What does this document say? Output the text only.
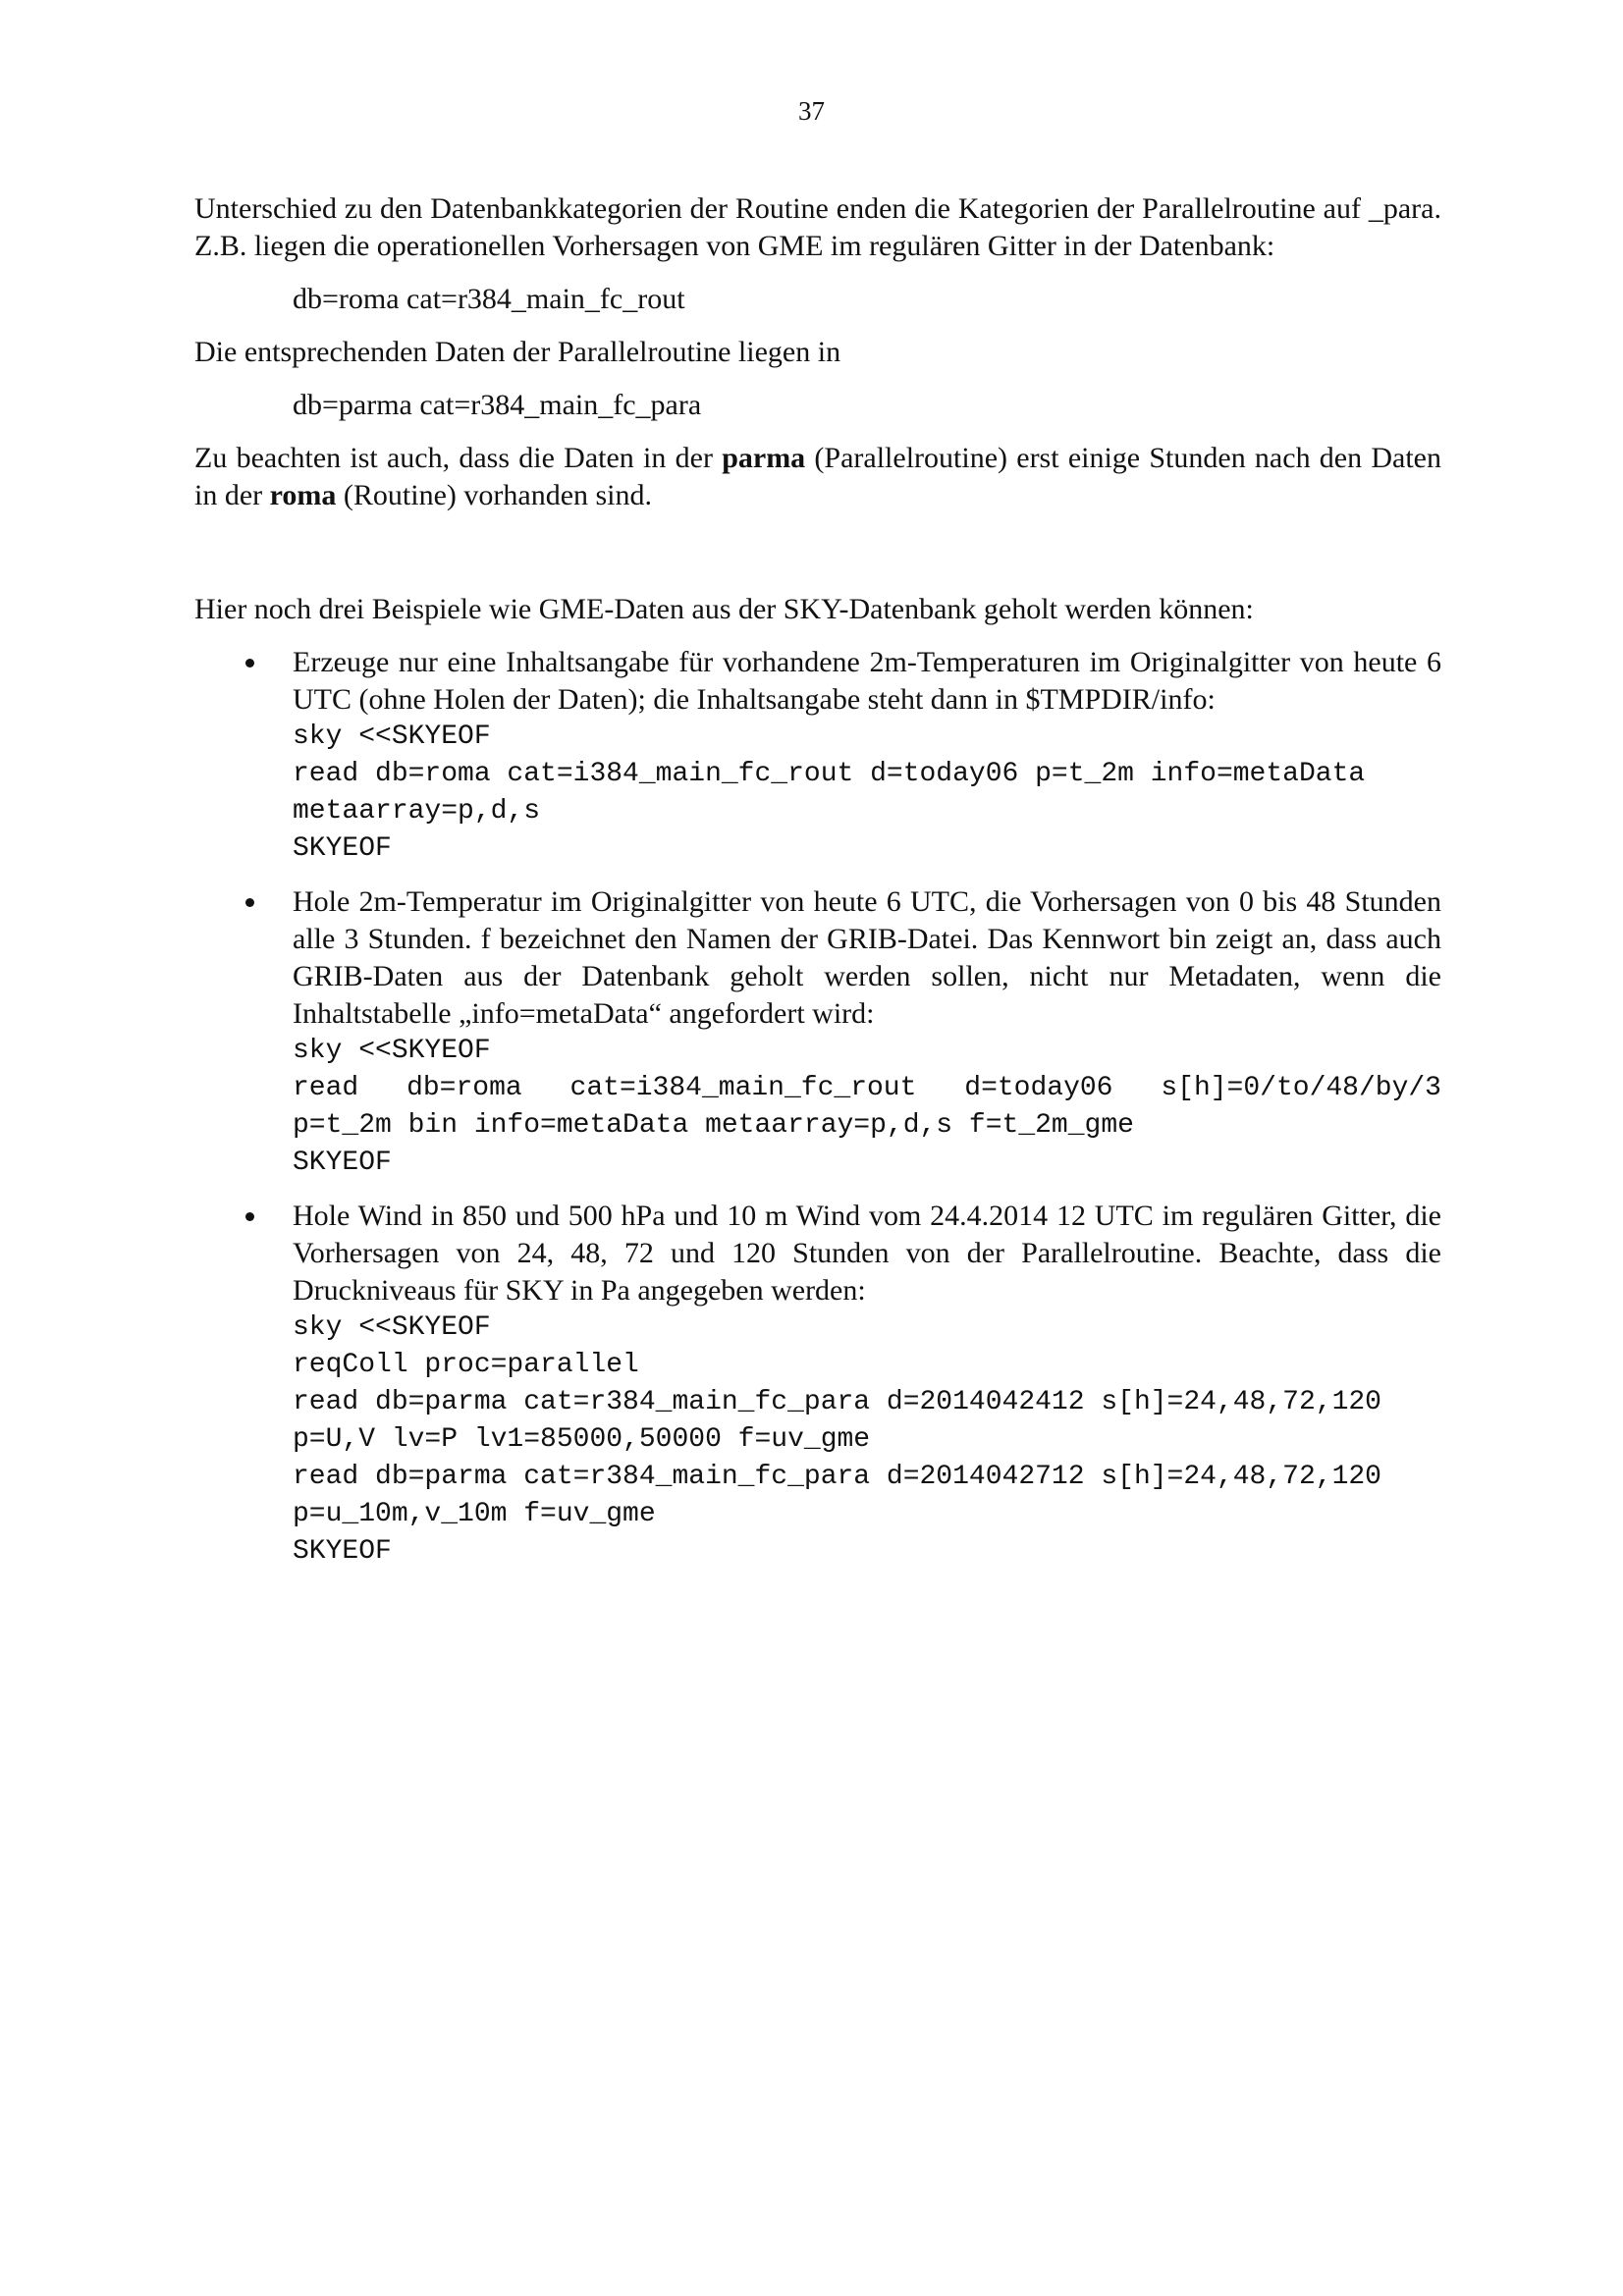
37

Unterschied zu den Datenbankkategorien der Routine enden die Kategorien der Parallelroutine auf _para. Z.B. liegen die operationellen Vorhersagen von GME im regulären Gitter in der Datenbank:

db=roma cat=r384_main_fc_rout

Die entsprechenden Daten der Parallelroutine liegen in

db=parma cat=r384_main_fc_para

Zu beachten ist auch, dass die Daten in der parma (Parallelroutine) erst einige Stunden nach den Daten in der roma (Routine) vorhanden sind.

Hier noch drei Beispiele wie GME-Daten aus der SKY-Datenbank geholt werden können:

Erzeuge nur eine Inhaltsangabe für vorhandene 2m-Temperaturen im Originalgitter von heute 6 UTC (ohne Holen der Daten); die Inhaltsangabe steht dann in $TMPDIR/info:

sky <<SKYEOF
read db=roma cat=i384_main_fc_rout d=today06 p=t_2m info=metaData
metaarray=p,d,s
SKYEOF

Hole 2m-Temperatur im Originalgitter von heute 6 UTC, die Vorhersagen von 0 bis 48 Stunden alle 3 Stunden. f bezeichnet den Namen der GRIB-Datei. Das Kennwort bin zeigt an, dass auch GRIB-Daten aus der Datenbank geholt werden sollen, nicht nur Metadaten, wenn die Inhaltstabelle „info=metaData“ angefordert wird:

sky <<SKYEOF
read db=roma cat=i384_main_fc_rout d=today06 s[h]=0/to/48/by/3
p=t_2m bin info=metaData metaarray=p,d,s f=t_2m_gme
SKYEOF

Hole Wind in 850 und 500 hPa und 10 m Wind vom 24.4.2014 12 UTC im regulären Gitter, die Vorhersagen von 24, 48, 72 und 120 Stunden von der Parallelroutine. Beachte, dass die Druckniveaus für SKY in Pa angegeben werden:

sky <<SKYEOF
reqColl proc=parallel
read db=parma cat=r384_main_fc_para d=2014042412 s[h]=24,48,72,120
p=U,V lv=P lv1=85000,50000 f=uv_gme
read db=parma cat=r384_main_fc_para d=2014042712 s[h]=24,48,72,120
p=u_10m,v_10m f=uv_gme
SKYEOF
